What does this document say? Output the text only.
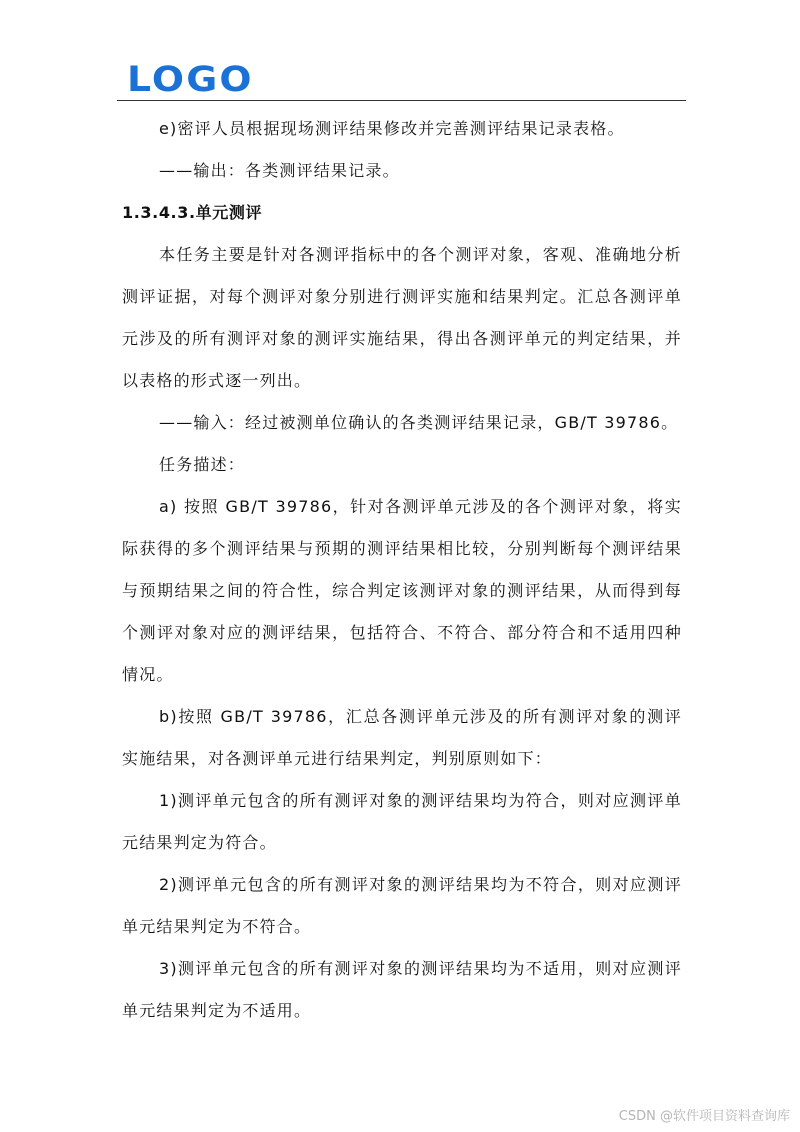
LOGO

e)密评人员根据现场测评结果修改并完善测评结果记录表格。

——输出：各类测评结果记录。

1.3.4.3.单元测评

本任务主要是针对各测评指标中的各个测评对象，客观、准确地分析测评证据，对每个测评对象分别进行测评实施和结果判定。汇总各测评单元涉及的所有测评对象的测评实施结果，得出各测评单元的判定结果，并以表格的形式逐一列出。

——输入：经过被测单位确认的各类测评结果记录，GB/T 39786。

任务描述：

a) 按照 GB/T 39786，针对各测评单元涉及的各个测评对象，将实际获得的多个测评结果与预期的测评结果相比较，分别判断每个测评结果与预期结果之间的符合性，综合判定该测评对象的测评结果，从而得到每个测评对象对应的测评结果，包括符合、不符合、部分符合和不适用四种情况。

b)按照 GB/T 39786，汇总各测评单元涉及的所有测评对象的测评实施结果，对各测评单元进行结果判定，判别原则如下：

1)测评单元包含的所有测评对象的测评结果均为符合，则对应测评单元结果判定为符合。

2)测评单元包含的所有测评对象的测评结果均为不符合，则对应测评单元结果判定为不符合。

3)测评单元包含的所有测评对象的测评结果均为不适用，则对应测评单元结果判定为不适用。

CSDN @软件项目资料查询库
